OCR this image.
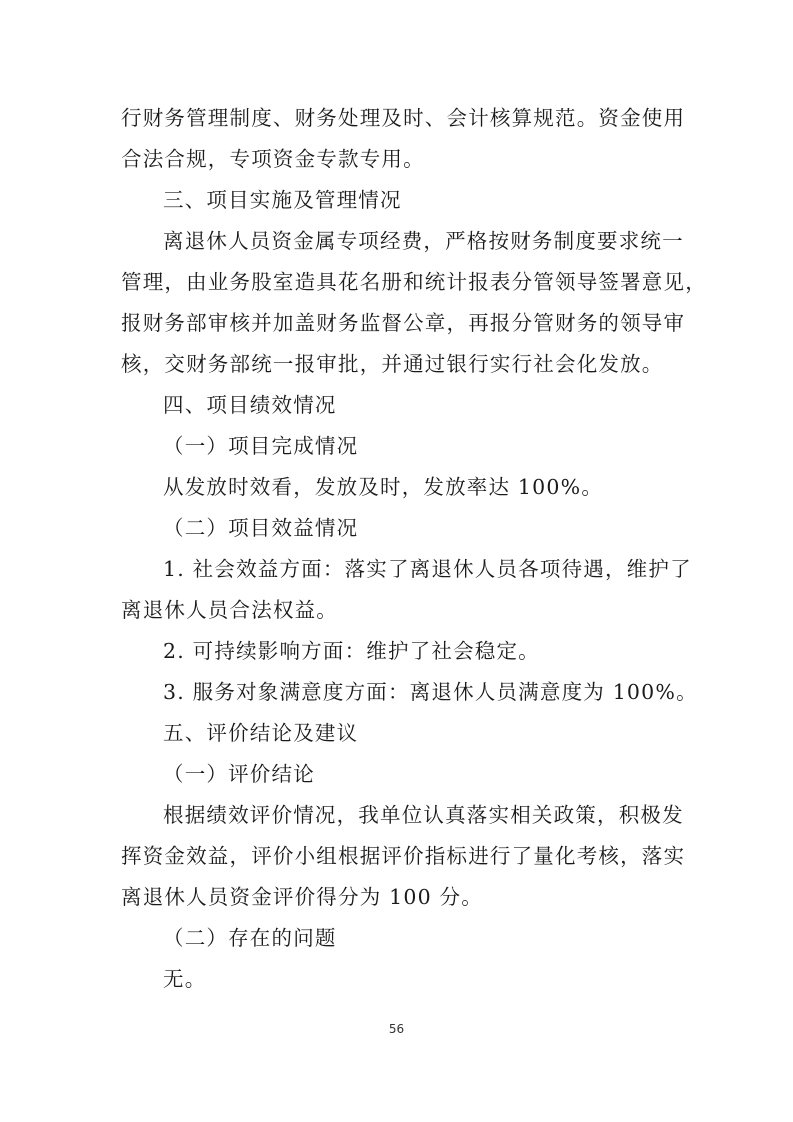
行财务管理制度、财务处理及时、会计核算规范。资金使用
合法合规，专项资金专款专用。
三、项目实施及管理情况
离退休人员资金属专项经费，严格按财务制度要求统一
管理，由业务股室造具花名册和统计报表分管领导签署意见，
报财务部审核并加盖财务监督公章，再报分管财务的领导审
核，交财务部统一报审批，并通过银行实行社会化发放。
四、项目绩效情况
（一）项目完成情况
从发放时效看，发放及时，发放率达 100%。
（二）项目效益情况
1. 社会效益方面：落实了离退休人员各项待遇，维护了
离退休人员合法权益。
2. 可持续影响方面：维护了社会稳定。
3. 服务对象满意度方面：离退休人员满意度为 100%。
五、评价结论及建议
（一）评价结论
根据绩效评价情况，我单位认真落实相关政策，积极发
挥资金效益，评价小组根据评价指标进行了量化考核，落实
离退休人员资金评价得分为 100 分。
（二）存在的问题
无。
56
